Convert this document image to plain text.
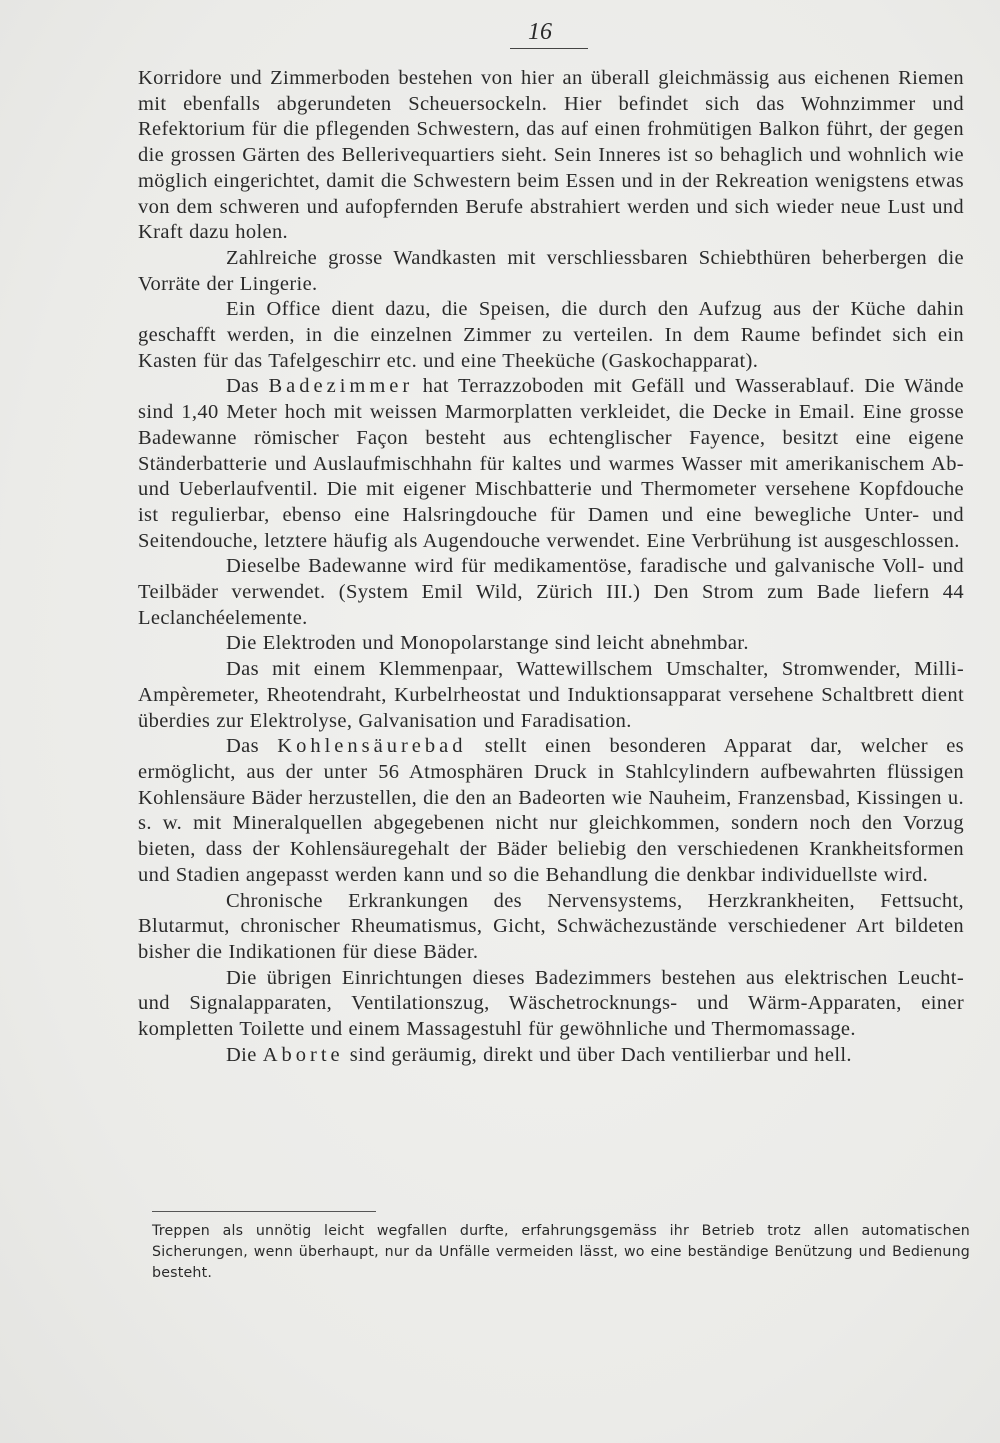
16

Korridore und Zimmerboden bestehen von hier an überall gleichmässig aus eichenen Riemen mit ebenfalls abgerundeten Scheuersockeln. Hier befindet sich das Wohnzimmer und Refektorium für die pflegenden Schwestern, das auf einen frohmütigen Balkon führt, der gegen die grossen Gärten des Bellerivequartiers sieht. Sein Inneres ist so behaglich und wohnlich wie möglich eingerichtet, damit die Schwestern beim Essen und in der Rekreation wenigstens etwas von dem schweren und aufopfernden Berufe abstrahiert werden und sich wieder neue Lust und Kraft dazu holen.

Zahlreiche grosse Wandkasten mit verschliessbaren Schiebthüren beherbergen die Vorräte der Lingerie.

Ein Office dient dazu, die Speisen, die durch den Aufzug aus der Küche dahin geschafft werden, in die einzelnen Zimmer zu verteilen. In dem Raume befindet sich ein Kasten für das Tafelgeschirr etc. und eine Theeküche (Gaskochapparat).

Das Badezimmer hat Terrazzoboden mit Gefäll und Wasserablauf. Die Wände sind 1,40 Meter hoch mit weissen Marmorplatten verkleidet, die Decke in Email. Eine grosse Badewanne römischer Façon besteht aus echtenglischer Fayence, besitzt eine eigene Ständerbatterie und Auslaufmischhahn für kaltes und warmes Wasser mit amerikanischem Ab- und Ueberlaufventil. Die mit eigener Mischbatterie und Thermometer versehene Kopfdouche ist regulierbar, ebenso eine Halsringdouche für Damen und eine bewegliche Unter- und Seitendouche, letztere häufig als Augendouche verwendet. Eine Verbrühung ist ausgeschlossen.

Dieselbe Badewanne wird für medikamentöse, faradische und galvanische Voll- und Teilbäder verwendet. (System Emil Wild, Zürich III.) Den Strom zum Bade liefern 44 Leclanchéelemente.

Die Elektroden und Monopolarstange sind leicht abnehmbar.

Das mit einem Klemmenpaar, Wattewillschem Umschalter, Stromwender, Milli-Ampèremeter, Rheotendraht, Kurbelrheostat und Induktionsapparat versehene Schaltbrett dient überdies zur Elektrolyse, Galvanisation und Faradisation.

Das Kohlensäurebad stellt einen besonderen Apparat dar, welcher es ermöglicht, aus der unter 56 Atmosphären Druck in Stahlcylindern aufbewahrten flüssigen Kohlensäure Bäder herzustellen, die den an Badeorten wie Nauheim, Franzensbad, Kissingen u. s. w. mit Mineralquellen abgegebenen nicht nur gleichkommen, sondern noch den Vorzug bieten, dass der Kohlensäuregehalt der Bäder beliebig den verschiedenen Krankheitsformen und Stadien angepasst werden kann und so die Behandlung die denkbar individuellste wird.

Chronische Erkrankungen des Nervensystems, Herzkrankheiten, Fettsucht, Blutarmut, chronischer Rheumatismus, Gicht, Schwächezustände verschiedener Art bildeten bisher die Indikationen für diese Bäder.

Die übrigen Einrichtungen dieses Badezimmers bestehen aus elektrischen Leucht- und Signalapparaten, Ventilationszug, Wäschetrocknungs- und Wärm-Apparaten, einer kompletten Toilette und einem Massagestuhl für gewöhnliche und Thermomassage.

Die Aborte sind geräumig, direkt und über Dach ventilierbar und hell.

Treppen als unnötig leicht wegfallen durfte, erfahrungsgemäss ihr Betrieb trotz allen automatischen Sicherungen, wenn überhaupt, nur da Unfälle vermeiden lässt, wo eine beständige Benützung und Bedienung besteht.
